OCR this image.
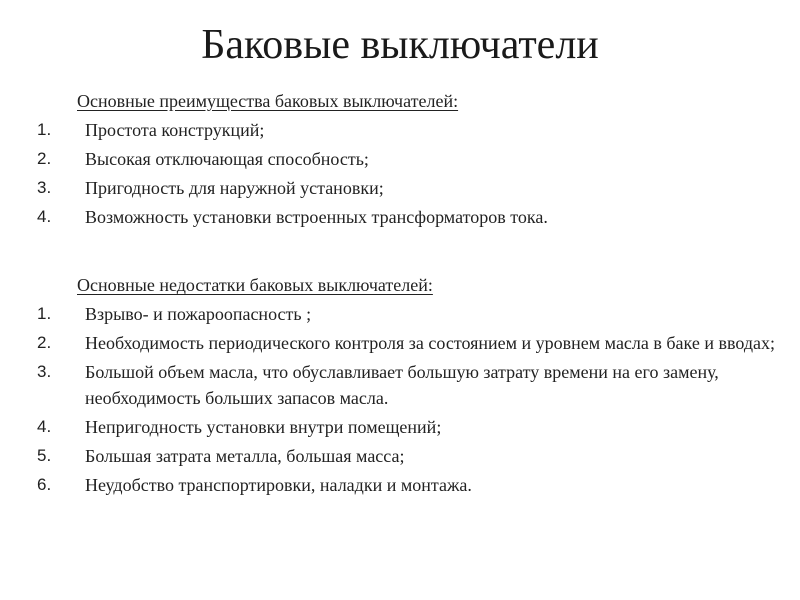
Баковые выключатели

Основные преимущества баковых выключателей:

1. Простота конструкций;
2. Высокая отключающая способность;
3. Пригодность для наружной установки;
4. Возможность установки встроенных трансформаторов тока.

Основные недостатки баковых выключателей:

1. Взрыво- и пожароопасность ;
2. Необходимость периодического контроля за состоянием и уровнем масла в баке и вводах;
3. Большой объем масла, что обуславливает большую затрату времени на его замену, необходимость больших запасов масла.
4. Непригодность установки внутри помещений;
5. Большая затрата металла, большая масса;
6. Неудобство транспортировки, наладки и монтажа.
